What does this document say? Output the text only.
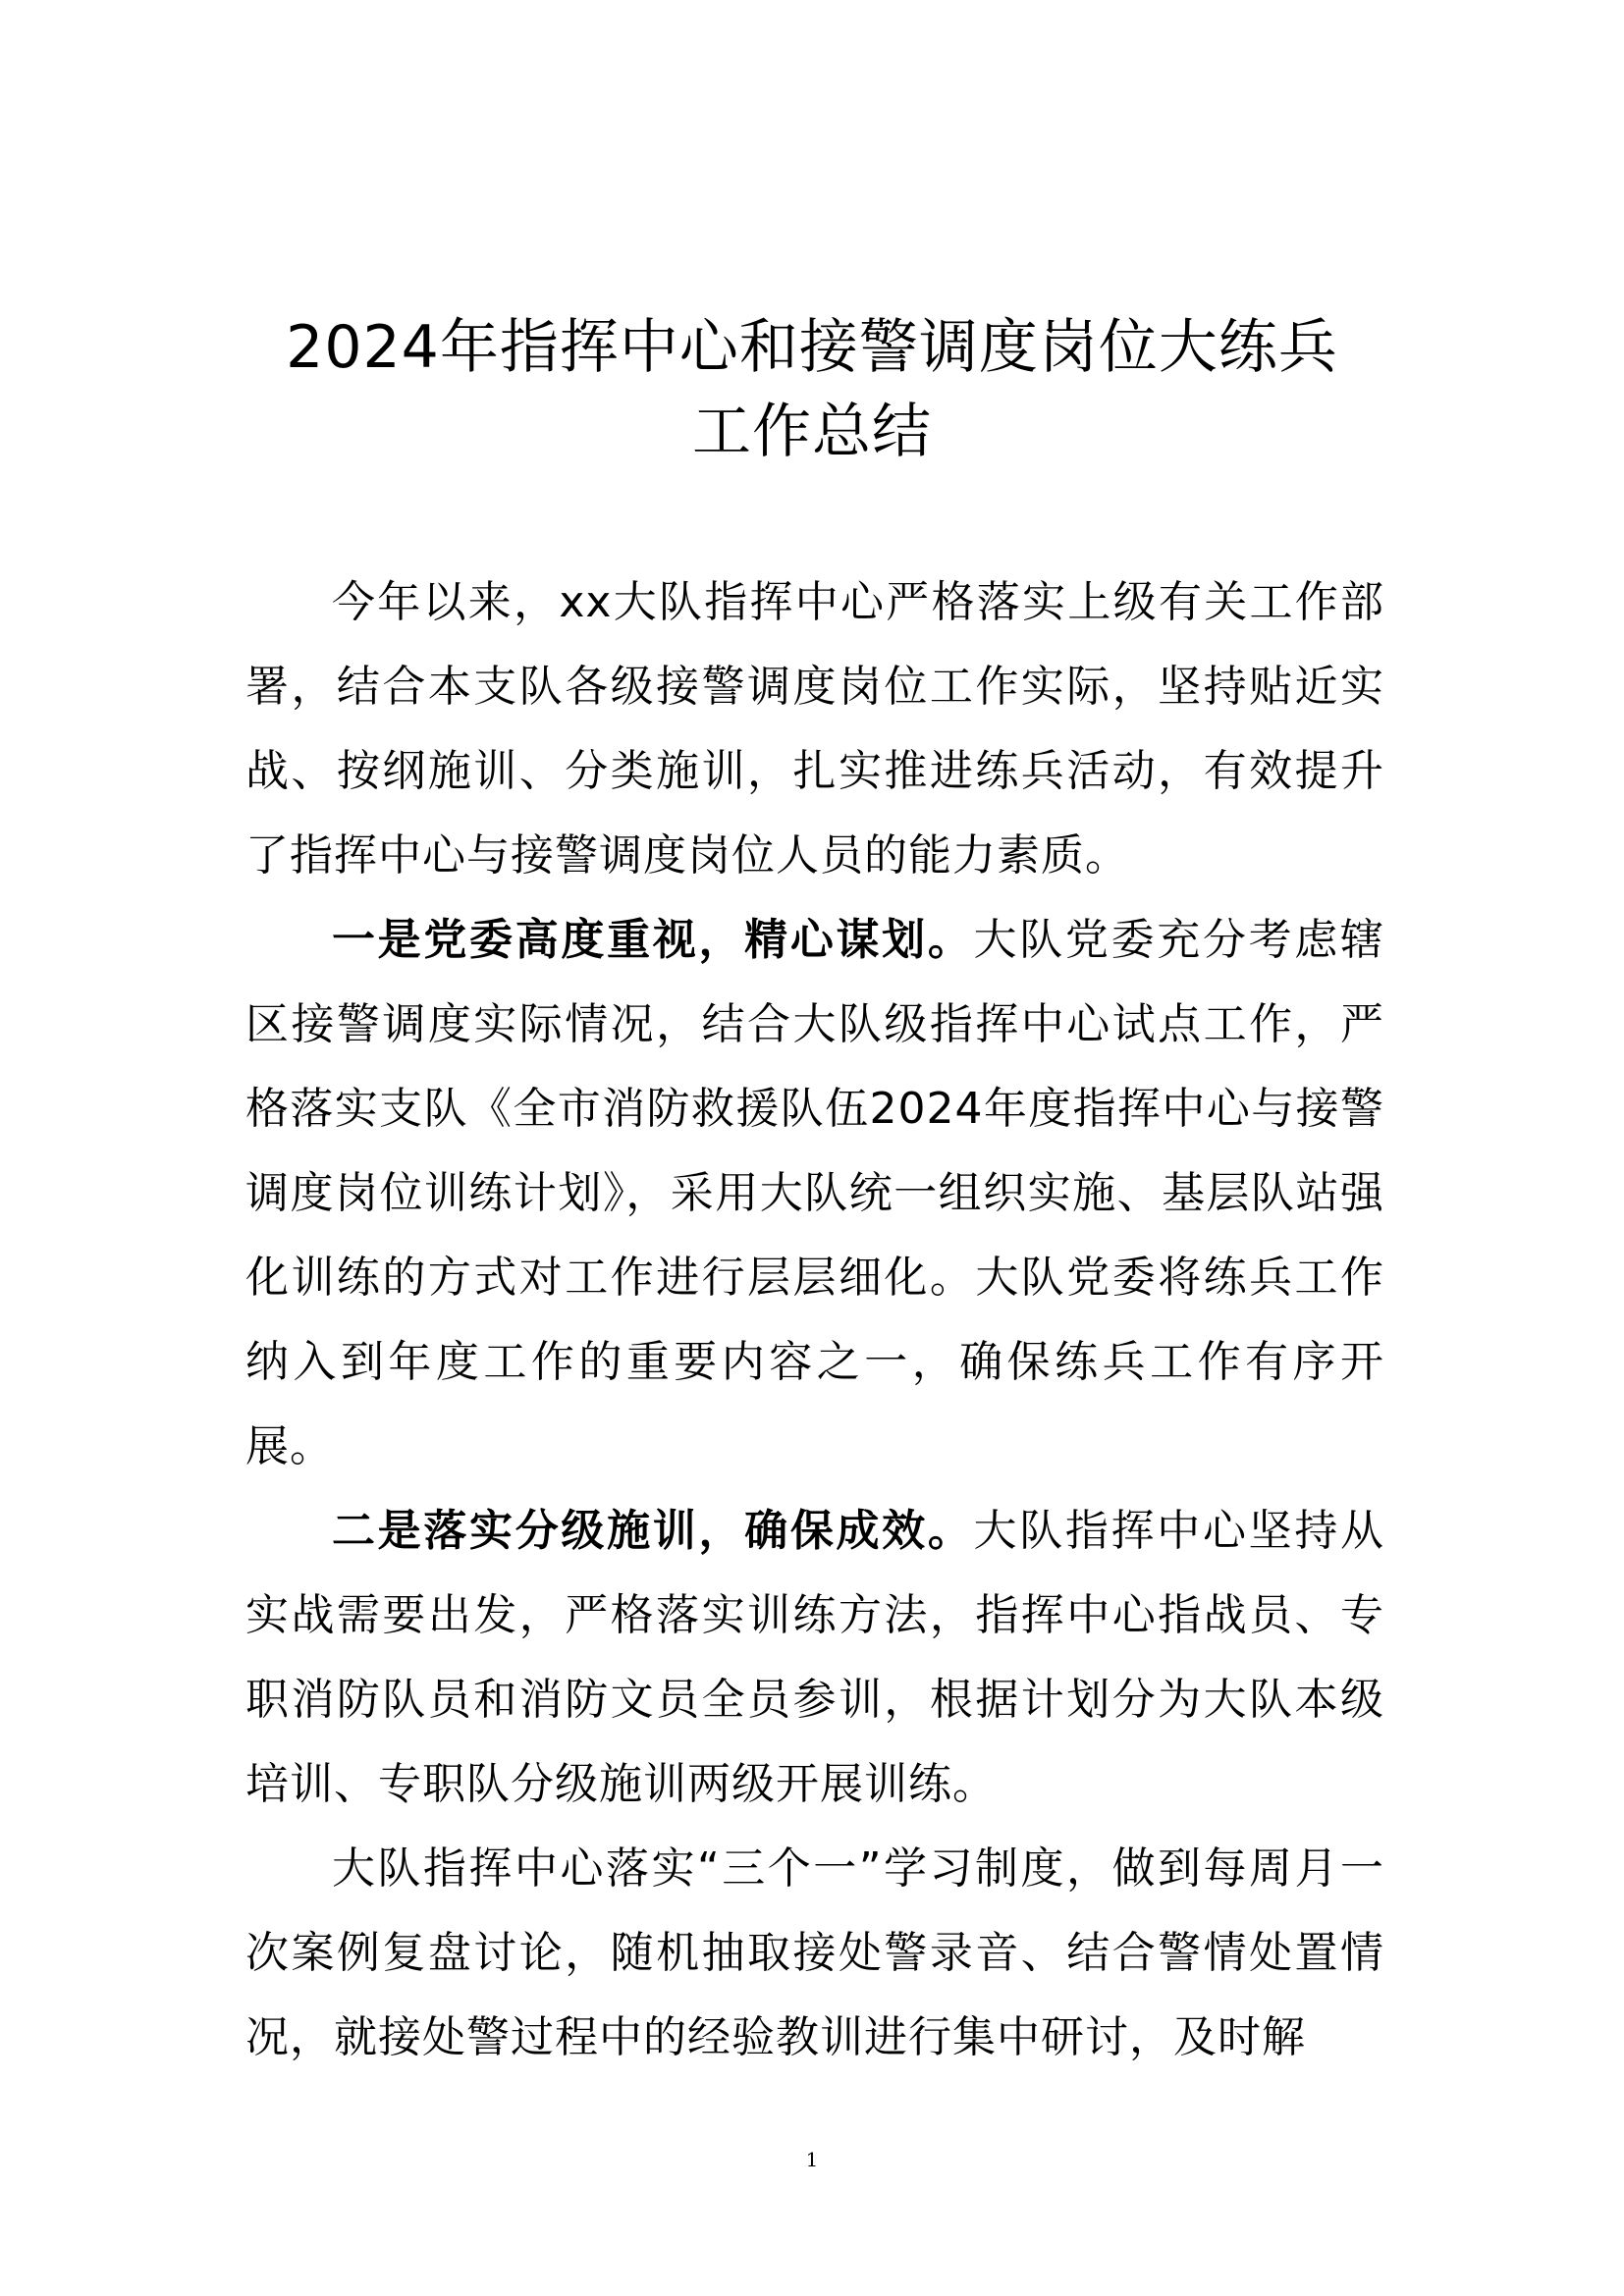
2024年指挥中心和接警调度岗位大练兵
工作总结

今年以来，xx大队指挥中心严格落实上级有关工作部署，结合本支队各级接警调度岗位工作实际，坚持贴近实战、按纲施训、分类施训，扎实推进练兵活动，有效提升了指挥中心与接警调度岗位人员的能力素质。

一是党委高度重视，精心谋划。大队党委充分考虑辖区接警调度实际情况，结合大队级指挥中心试点工作，严格落实支队《全市消防救援队伍2024年度指挥中心与接警调度岗位训练计划》，采用大队统一组织实施、基层队站强化训练的方式对工作进行层层细化。大队党委将练兵工作纳入到年度工作的重要内容之一，确保练兵工作有序开展。

二是落实分级施训，确保成效。大队指挥中心坚持从实战需要出发，严格落实训练方法，指挥中心指战员、专职消防队员和消防文员全员参训，根据计划分为大队本级培训、专职队分级施训两级开展训练。

大队指挥中心落实“三个一”学习制度，做到每周月一次案例复盘讨论，随机抽取接处警录音、结合警情处置情况，就接处警过程中的经验教训进行集中研讨，及时解

1
